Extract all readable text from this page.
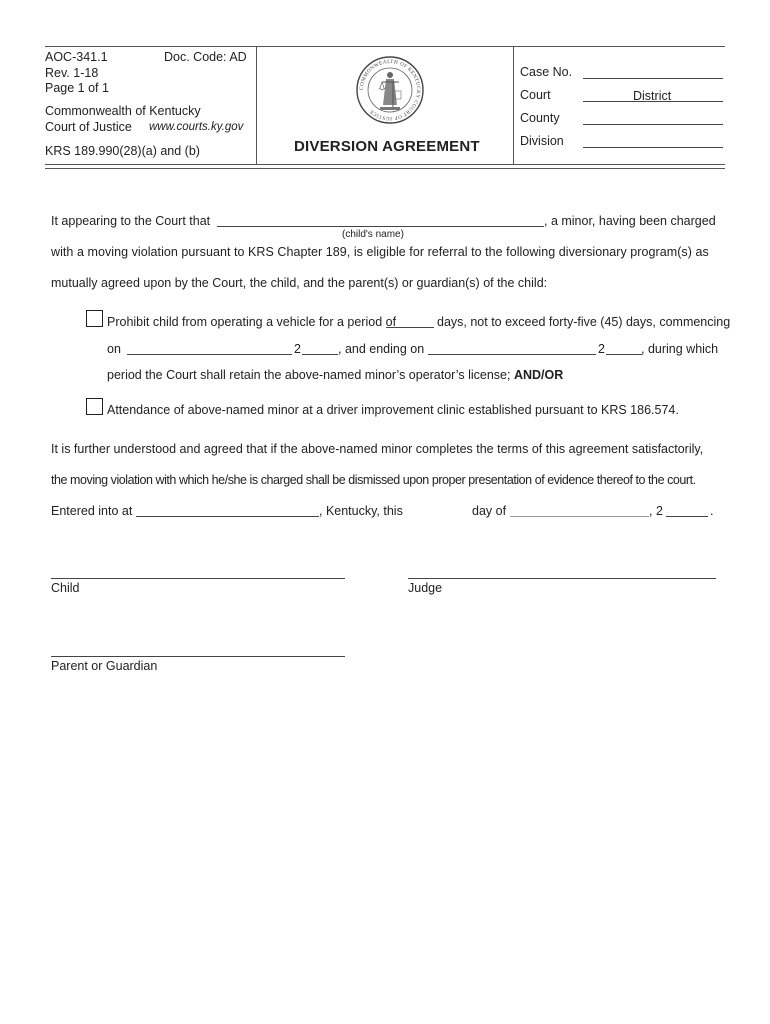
AOC-341.1	Doc. Code: AD
Rev. 1-18
Page 1 of 1
Commonwealth of Kentucky
Court of Justice www.courts.ky.gov
KRS 189.990(28)(a) and (b)
COMMONWEALTH OF KENTUCKY COURT OF JUSTICE
DIVERSION AGREEMENT
Case No.
Court	District
County
Division
It appearing to the Court that	, a minor, having been charged
(child's name)
with a moving violation pursuant to KRS Chapter 189, is eligible for referral to the following diversionary program(s) as
mutually agreed upon by the Court, the child, and the parent(s) or guardian(s) of the child:
Prohibit child from operating a vehicle for a period of	days, not to exceed forty-five (45) days, commencing
on	2	, and ending on	2	, during which
period the Court shall retain the above-named minor’s operator’s license; AND/OR
Attendance of above-named minor at a driver improvement clinic established pursuant to KRS 186.574.
It is further understood and agreed that if the above-named minor completes the terms of this agreement satisfactorily,
the moving violation with which he/she is charged shall be dismissed upon proper presentation of evidence thereof to the court.
Entered into at	, Kentucky, this	day of	, 2	.
Child	Judge
Parent or Guardian
